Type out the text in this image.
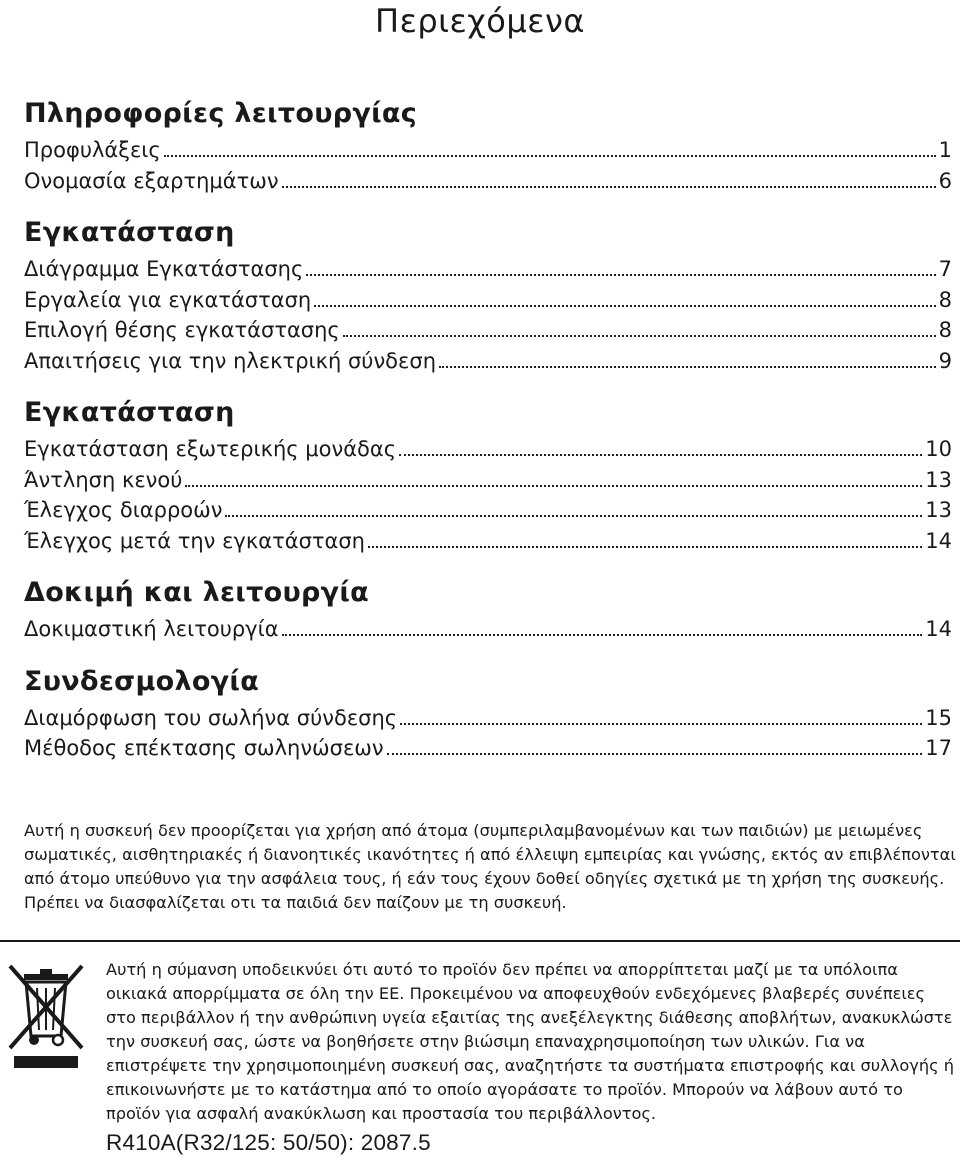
Περιεχόμενα
Πληροφορίες λειτουργίας
Προφυλάξεις	1
Ονομασία εξαρτημάτων	6
Εγκατάσταση
Διάγραμμα Εγκατάστασης	7
Εργαλεία για εγκατάσταση	8
Επιλογή θέσης εγκατάστασης	8
Απαιτήσεις για την ηλεκτρική σύνδεση	9
Εγκατάσταση
Εγκατάσταση εξωτερικής μονάδας	10
Άντληση κενού	13
Έλεγχος διαρροών	13
Έλεγχος μετά την εγκατάσταση	14
Δοκιμή και λειτουργία
Δοκιμαστική λειτουργία	14
Συνδεσμολογία
Διαμόρφωση του σωλήνα σύνδεσης	15
Μέθοδος επέκτασης σωληνώσεων	17
Αυτή η συσκευή δεν προορίζεται για χρήση από άτομα (συμπεριλαμβανομένων και των παιδιών) με μειωμένες σωματικές, αισθητηριακές ή διανοητικές ικανότητες ή από έλλειψη εμπειρίας και γνώσης, εκτός αν επιβλέπονται από άτομο υπεύθυνο για την ασφάλεια τους, ή εάν τους έχουν δοθεί οδηγίες σχετικά με τη χρήση της συσκευής. Πρέπει να διασφαλίζεται οτι τα παιδιά δεν παίζουν με τη συσκευή.
Αυτή η σύμανση υποδεικνύει ότι αυτό το προϊόν δεν πρέπει να απορρίπτεται μαζί με τα υπόλοιπα οικιακά απορρίμματα σε όλη την ΕΕ. Προκειμένου να αποφευχθούν ενδεχόμενες βλαβερές συνέπειες στο περιβάλλον ή την ανθρώπινη υγεία εξαιτίας της ανεξέλεγκτης διάθεσης αποβλήτων, ανακυκλώστε την συσκευή σας, ώστε να βοηθήσετε στην βιώσιμη επαναχρησιμοποίηση των υλικών. Για να επιστρέψετε την χρησιμοποιημένη συσκευή σας, αναζητήστε τα συστήματα επιστροφής και συλλογής ή επικοινωνήστε με το κατάστημα από το οποίο αγοράσατε το προϊόν. Μπορούν να λάβουν αυτό το προϊόν για ασφαλή ανακύκλωση και προστασία του περιβάλλοντος.
R410A(R32/125: 50/50): 2087.5
